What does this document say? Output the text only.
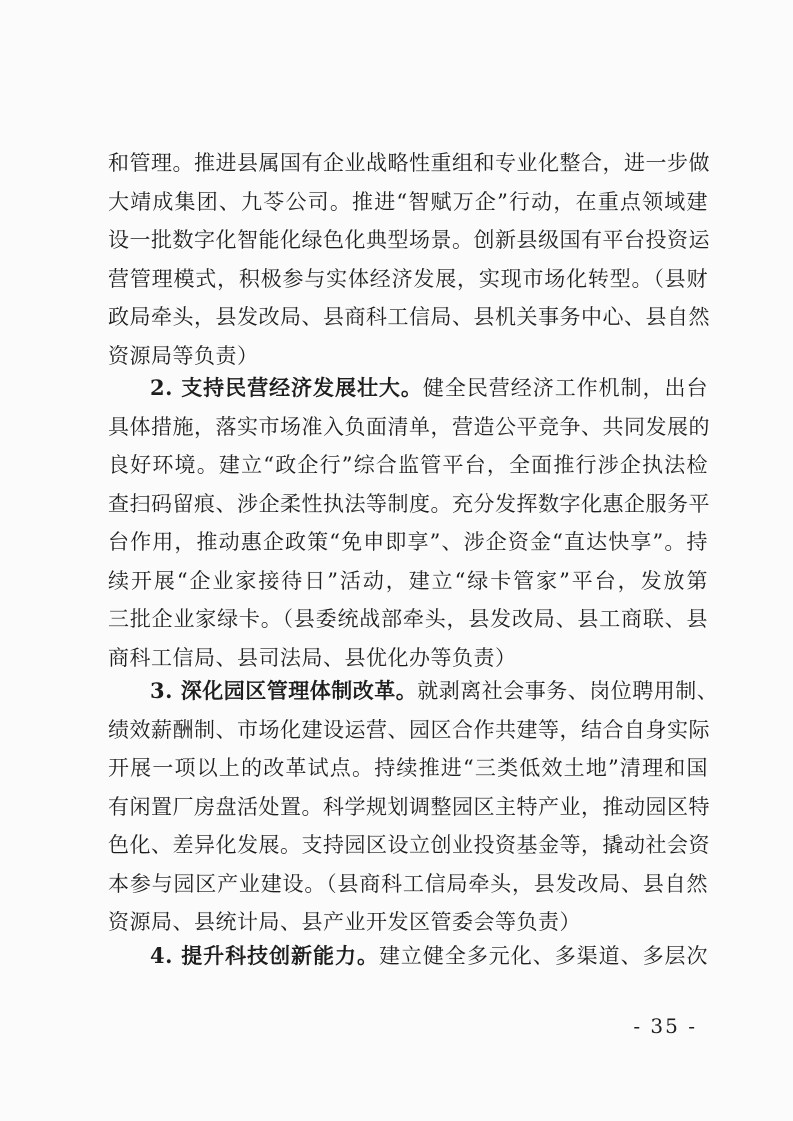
和管理。推进县属国有企业战略性重组和专业化整合，进一步做
大靖成集团、九苓公司。推进“智赋万企”行动，在重点领域建
设一批数字化智能化绿色化典型场景。创新县级国有平台投资运
营管理模式，积极参与实体经济发展，实现市场化转型。（县财
政局牵头，县发改局、县商科工信局、县机关事务中心、县自然
资源局等负责）
2. 支持民营经济发展壮大。健全民营经济工作机制，出台
具体措施，落实市场准入负面清单，营造公平竞争、共同发展的
良好环境。建立“政企行”综合监管平台，全面推行涉企执法检
查扫码留痕、涉企柔性执法等制度。充分发挥数字化惠企服务平
台作用，推动惠企政策“免申即享”、涉企资金“直达快享”。持
续开展“企业家接待日”活动，建立“绿卡管家”平台，发放第
三批企业家绿卡。（县委统战部牵头，县发改局、县工商联、县
商科工信局、县司法局、县优化办等负责）
3. 深化园区管理体制改革。就剥离社会事务、岗位聘用制、
绩效薪酬制、市场化建设运营、园区合作共建等，结合自身实际
开展一项以上的改革试点。持续推进“三类低效土地”清理和国
有闲置厂房盘活处置。科学规划调整园区主特产业，推动园区特
色化、差异化发展。支持园区设立创业投资基金等，撬动社会资
本参与园区产业建设。（县商科工信局牵头，县发改局、县自然
资源局、县统计局、县产业开发区管委会等负责）
4. 提升科技创新能力。建立健全多元化、多渠道、多层次
- 35 -
